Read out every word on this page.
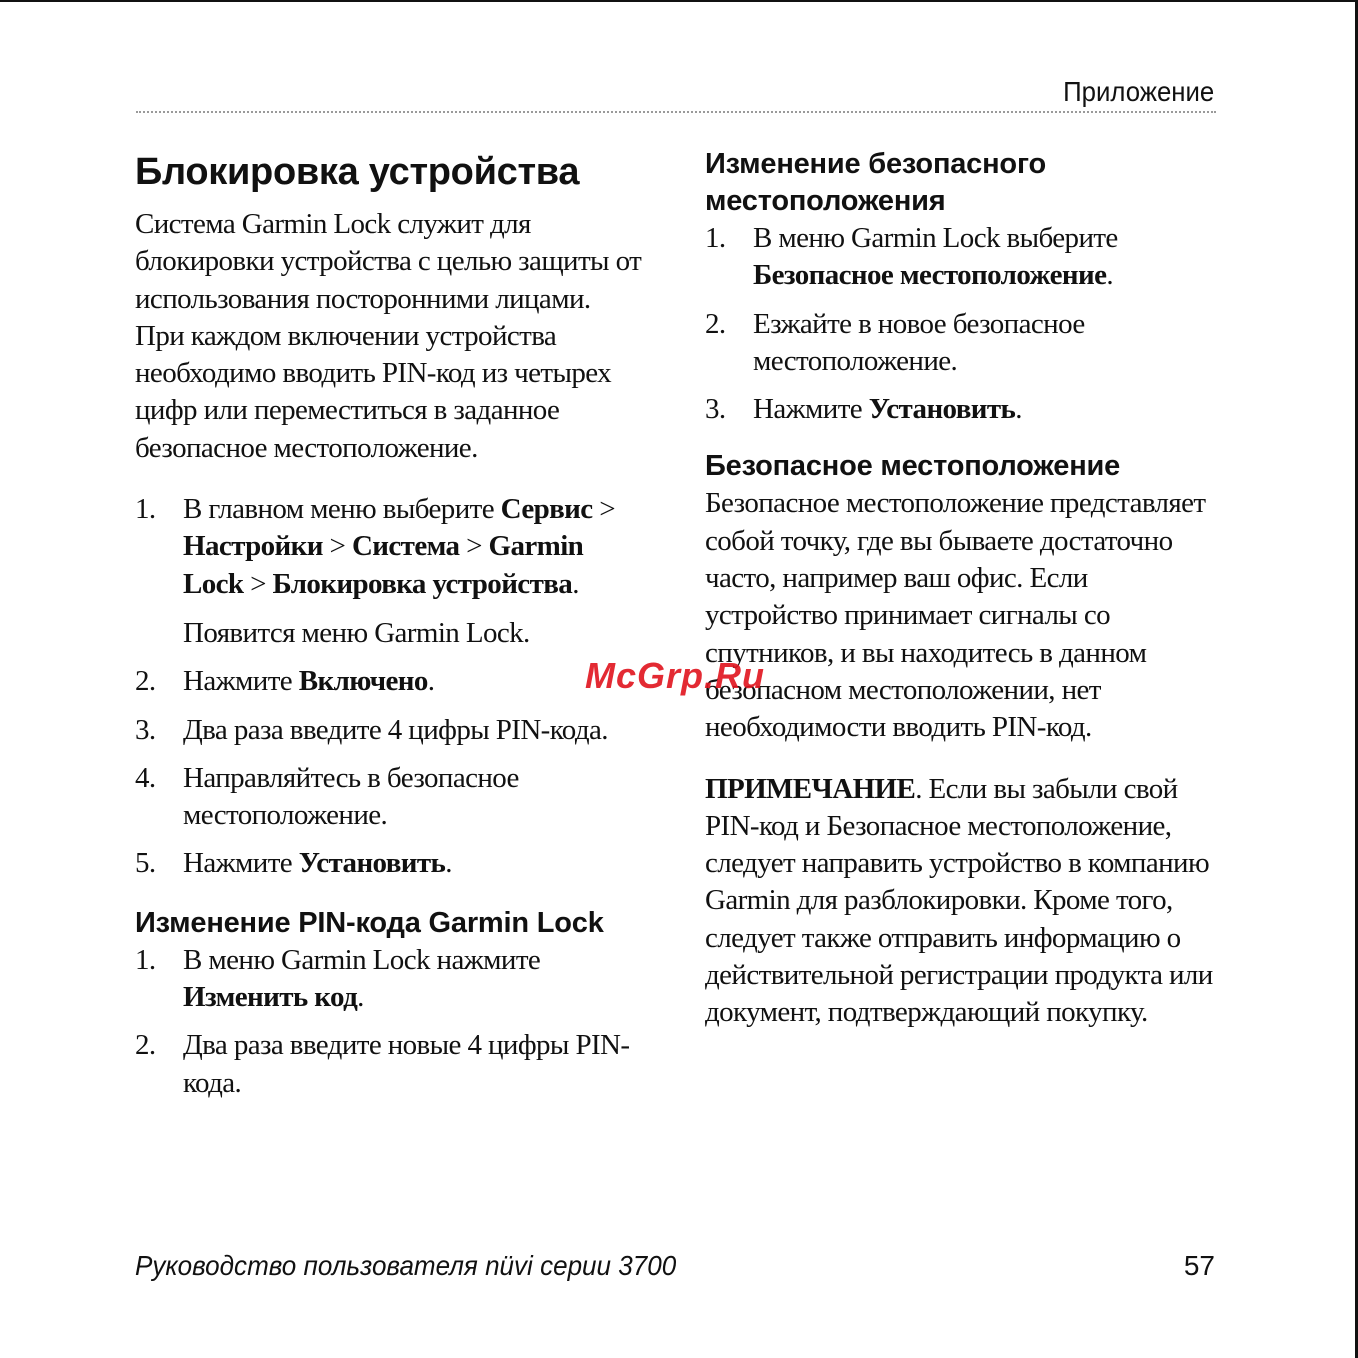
Приложение
Блокировка устройства

Система Garmin Lock служит для блокировки устройства с целью защиты от использования посторонними лицами. При каждом включении устройства необходимо вводить PIN-код из четырех цифр или переместиться в заданное безопасное местоположение.

1. В главном меню выберите Сервис > Настройки > Система > Garmin Lock > Блокировка устройства.
Появится меню Garmin Lock.
2. Нажмите Включено.
3. Два раза введите 4 цифры PIN-кода.
4. Направляйтесь в безопасное местоположение.
5. Нажмите Установить.
Изменение PIN-кода Garmin Lock
1. В меню Garmin Lock нажмите Изменить код.
2. Два раза введите новые 4 цифры PIN-кода.
Изменение безопасного местоположения
1. В меню Garmin Lock выберите Безопасное местоположение.
2. Езжайте в новое безопасное местоположение.
3. Нажмите Установить.
Безопасное местоположение

Безопасное местоположение представляет собой точку, где вы бываете достаточно часто, например ваш офис. Если устройство принимает сигналы со спутников, и вы находитесь в данном безопасном местоположении, нет необходимости вводить PIN-код.

ПРИМЕЧАНИЕ. Если вы забыли свой PIN-код и Безопасное местоположение, следует направить устройство в компанию Garmin для разблокировки. Кроме того, следует также отправить информацию о действительной регистрации продукта или документ, подтверждающий покупку.

McGrp.Ru
Руководство пользователя nüvi серии 3700	57
